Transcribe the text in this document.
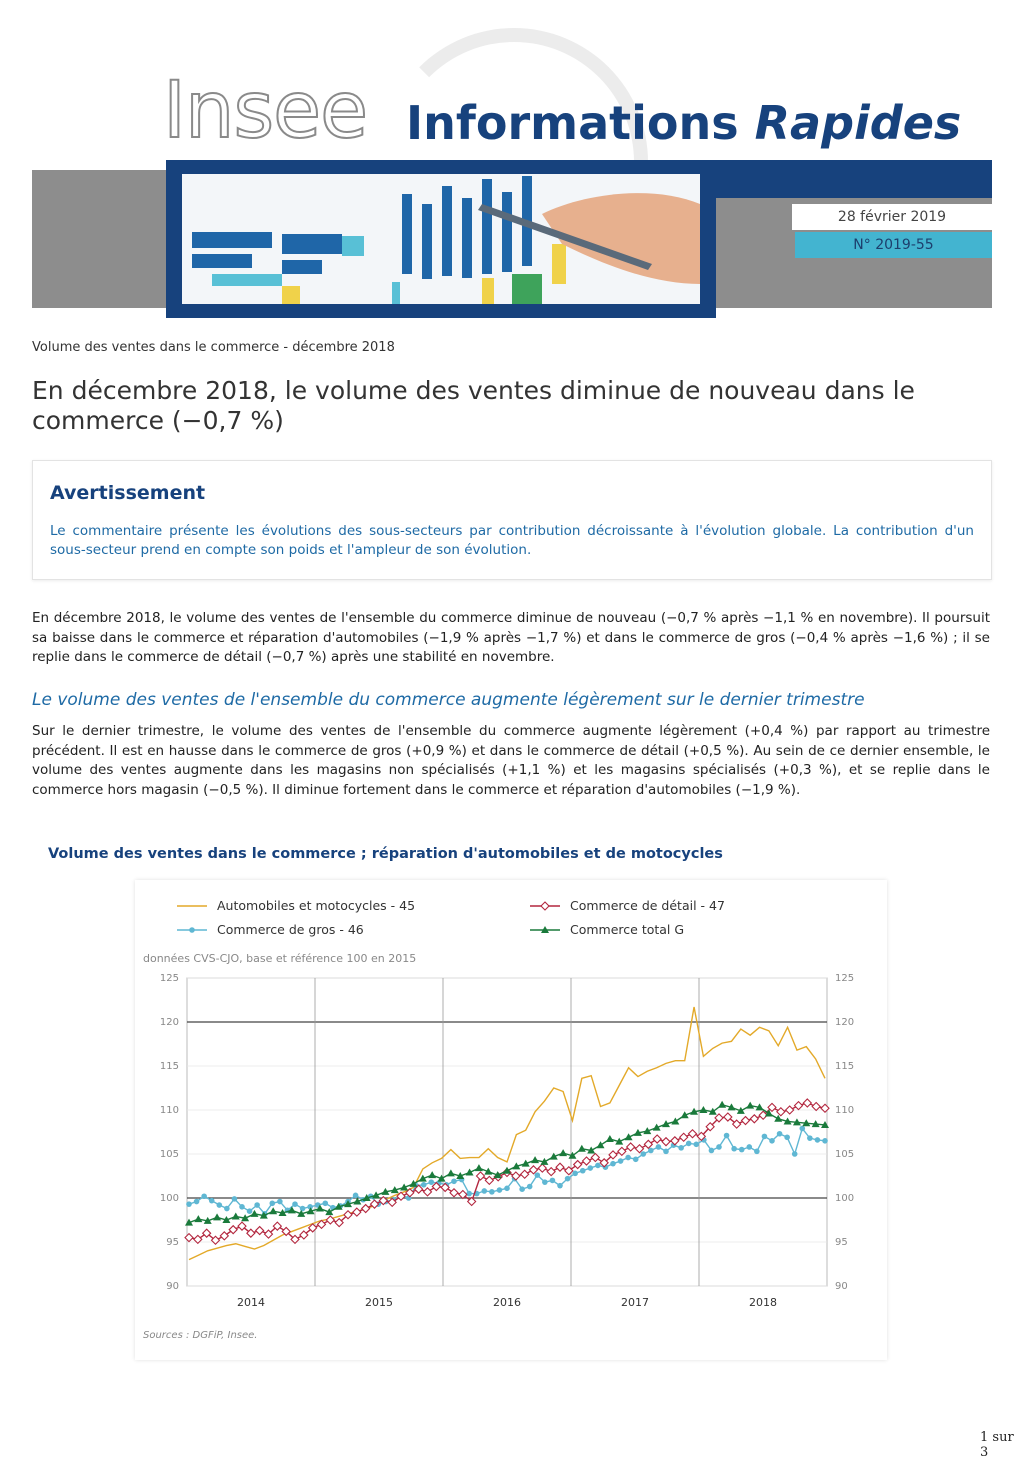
Insee Informations Rapides
28 février 2019
N° 2019-55
Volume des ventes dans le commerce - décembre 2018
En décembre 2018, le volume des ventes diminue de nouveau dans le commerce (−0,7 %)
Avertissement
Le commentaire présente les évolutions des sous-secteurs par contribution décroissante à l'évolution globale. La contribution d'un sous-secteur prend en compte son poids et l'ampleur de son évolution.
En décembre 2018, le volume des ventes de l'ensemble du commerce diminue de nouveau (−0,7 % après −1,1 % en novembre). Il poursuit sa baisse dans le commerce et réparation d'automobiles (−1,9 % après −1,7 %) et dans le commerce de gros (−0,4 % après −1,6 %) ; il se replie dans le commerce de détail (−0,7 %) après une stabilité en novembre.
Le volume des ventes de l'ensemble du commerce augmente légèrement sur le dernier trimestre
Sur le dernier trimestre, le volume des ventes de l'ensemble du commerce augmente légèrement (+0,4 %) par rapport au trimestre précédent. Il est en hausse dans le commerce de gros (+0,9 %) et dans le commerce de détail (+0,5 %). Au sein de ce dernier ensemble, le volume des ventes augmente dans les magasins non spécialisés (+1,1 %) et les magasins spécialisés (+0,3 %), et se replie dans le commerce hors magasin (−0,5 %). Il diminue fortement dans le commerce et réparation d'automobiles (−1,9 %).
Volume des ventes dans le commerce ; réparation d'automobiles et de motocycles
90	90
95	95
100	100
105	105
110	110
115	115
120	120
125	125
2014	2015	2016	2017	2018
données CVS-CJO, base et référence 100 en 2015
Sources : DGFiP, Insee.
Automobiles et motocycles - 45
Commerce de gros - 46
Commerce de détail - 47
Commerce total G
1 sur 3
